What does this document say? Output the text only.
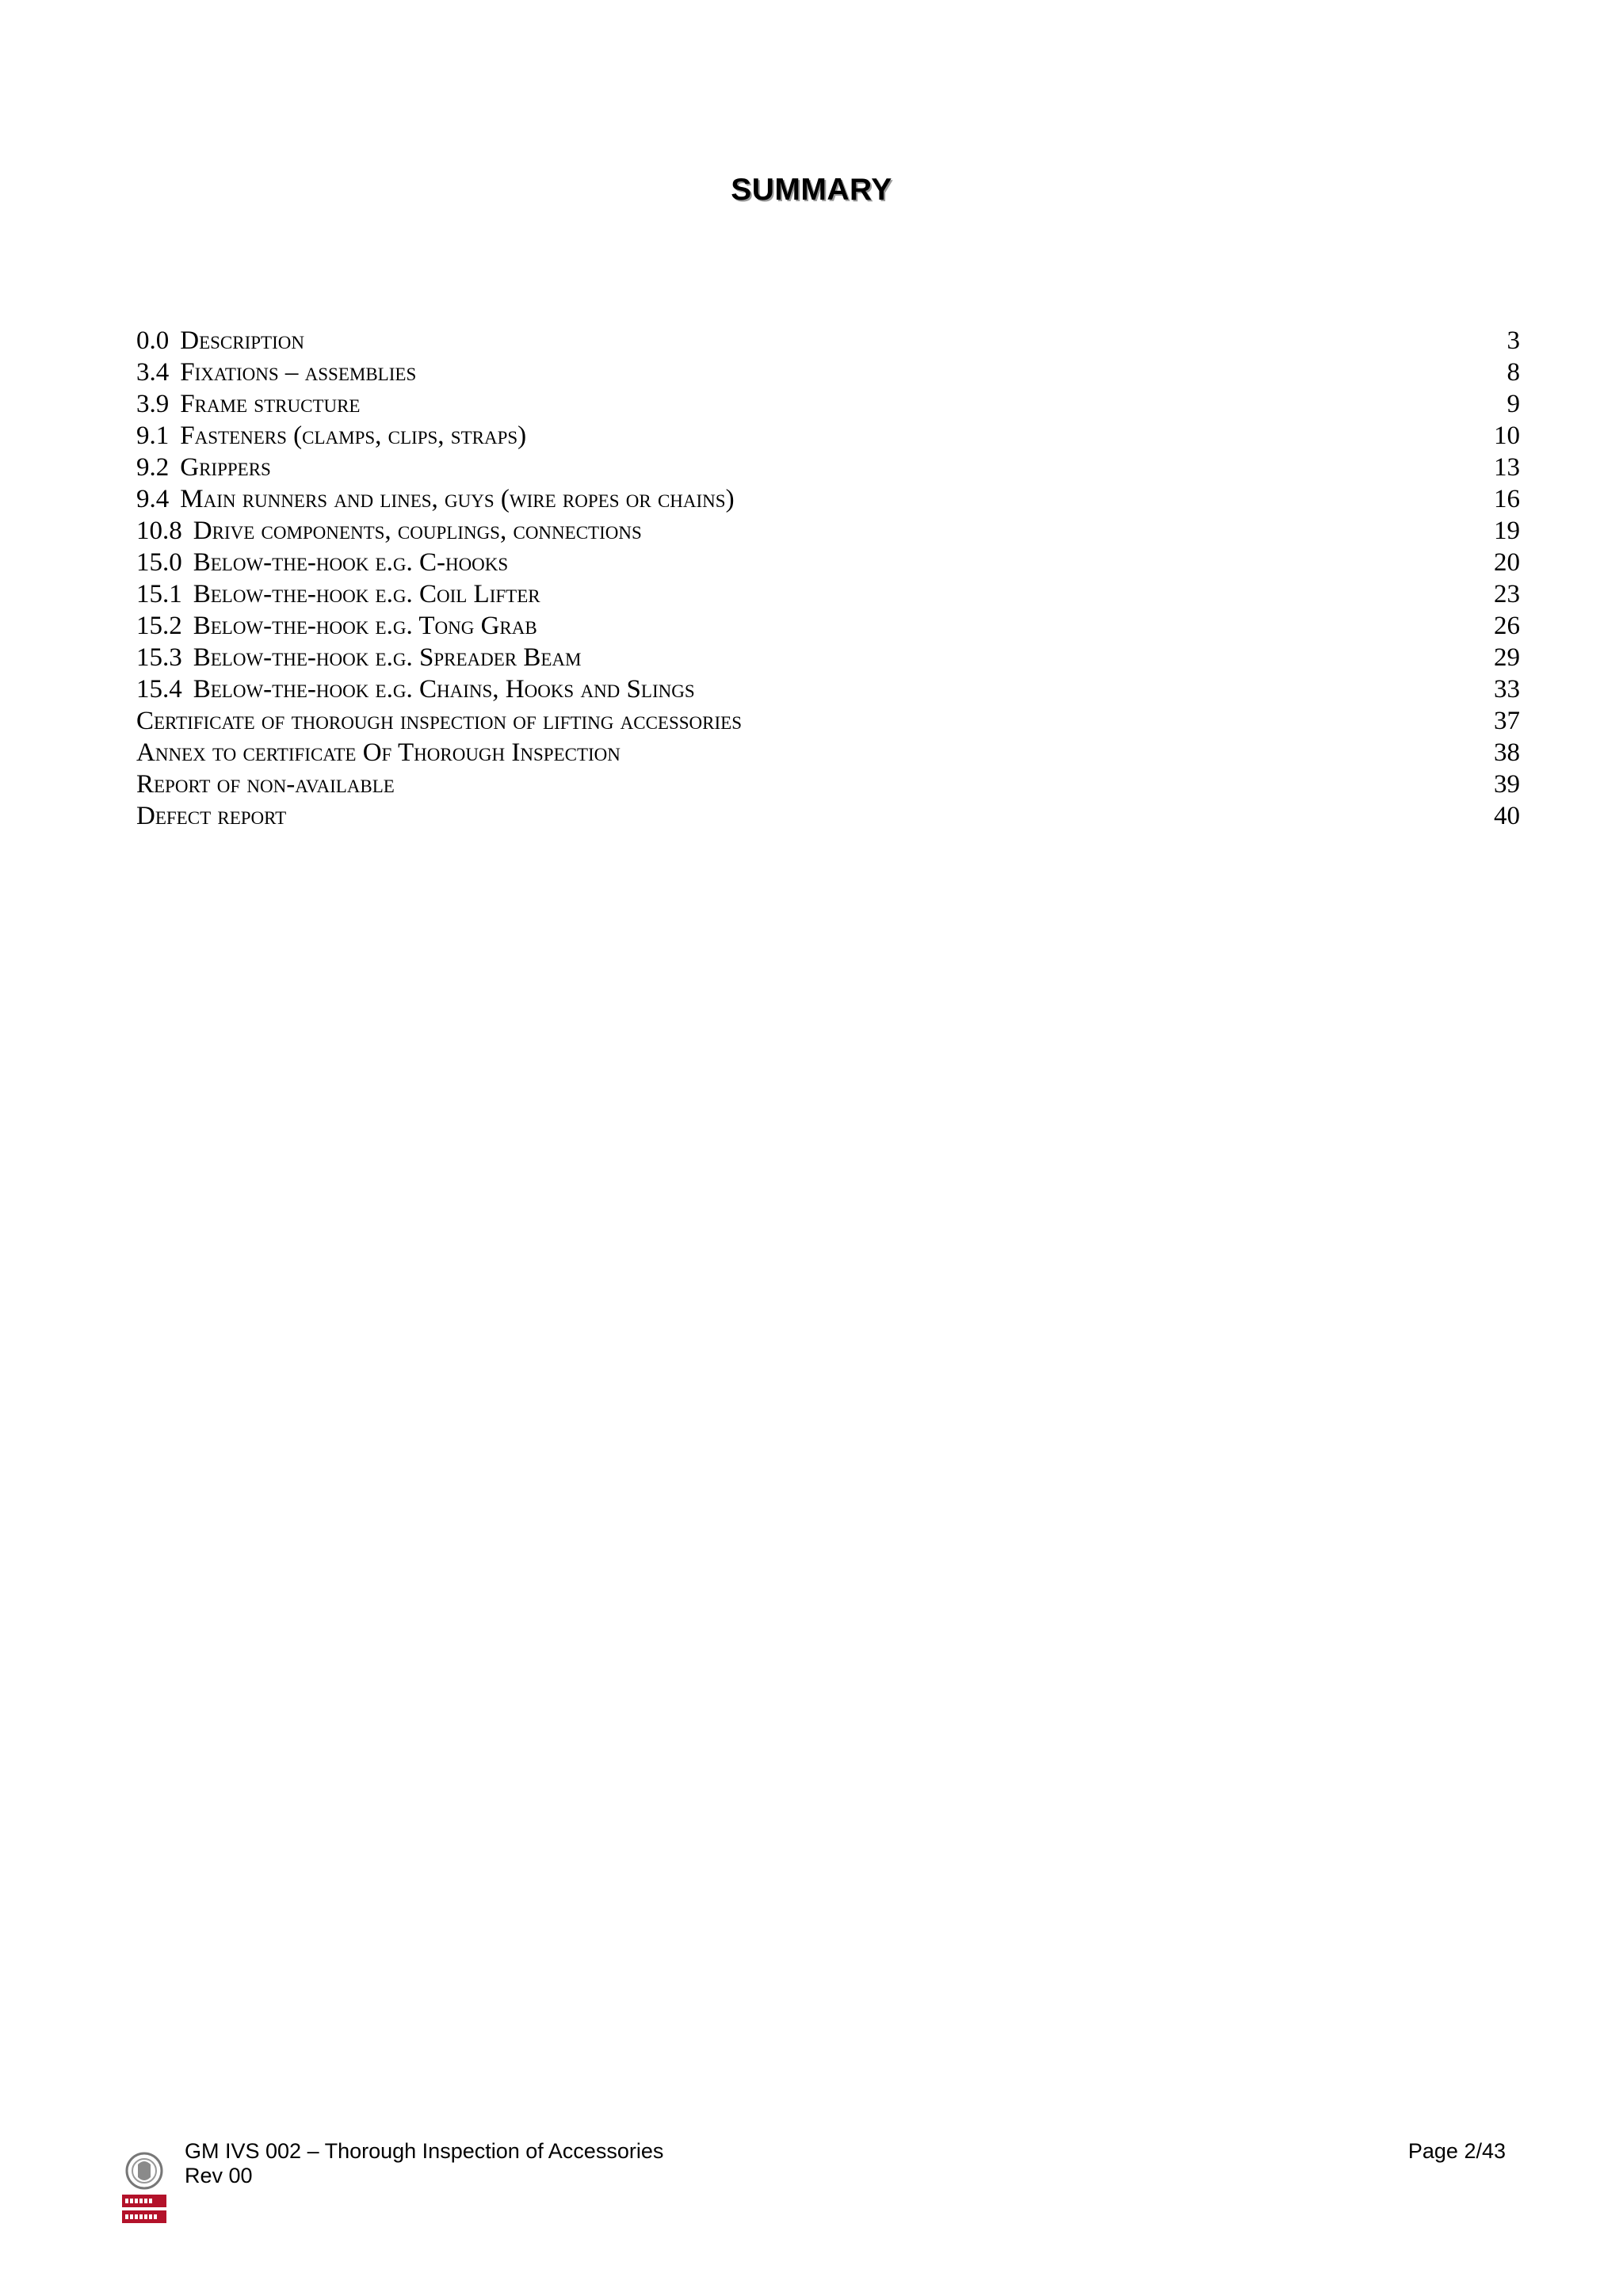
SUMMARY
0.0 Description	3
3.4 Fixations – assemblies	8
3.9 Frame structure	9
9.1 Fasteners (clamps, clips, straps)	10
9.2 Grippers	13
9.4 Main runners and lines, guys (wire ropes or chains)	16
10.8 Drive components, couplings, connections	19
15.0 Below-the-hook e.g. C-hooks	20
15.1 Below-the-hook e.g. Coil Lifter	23
15.2 Below-the-hook e.g. Tong Grab	26
15.3 Below-the-hook e.g. Spreader Beam	29
15.4 Below-the-hook e.g. Chains, Hooks and Slings	33
Certificate of thorough inspection of lifting accessories	37
Annex to certificate Of Thorough Inspection	38
Report of non-available	39
Defect report	40
GM IVS 002 – Thorough Inspection of Accessories
Rev 00
Page 2/43
